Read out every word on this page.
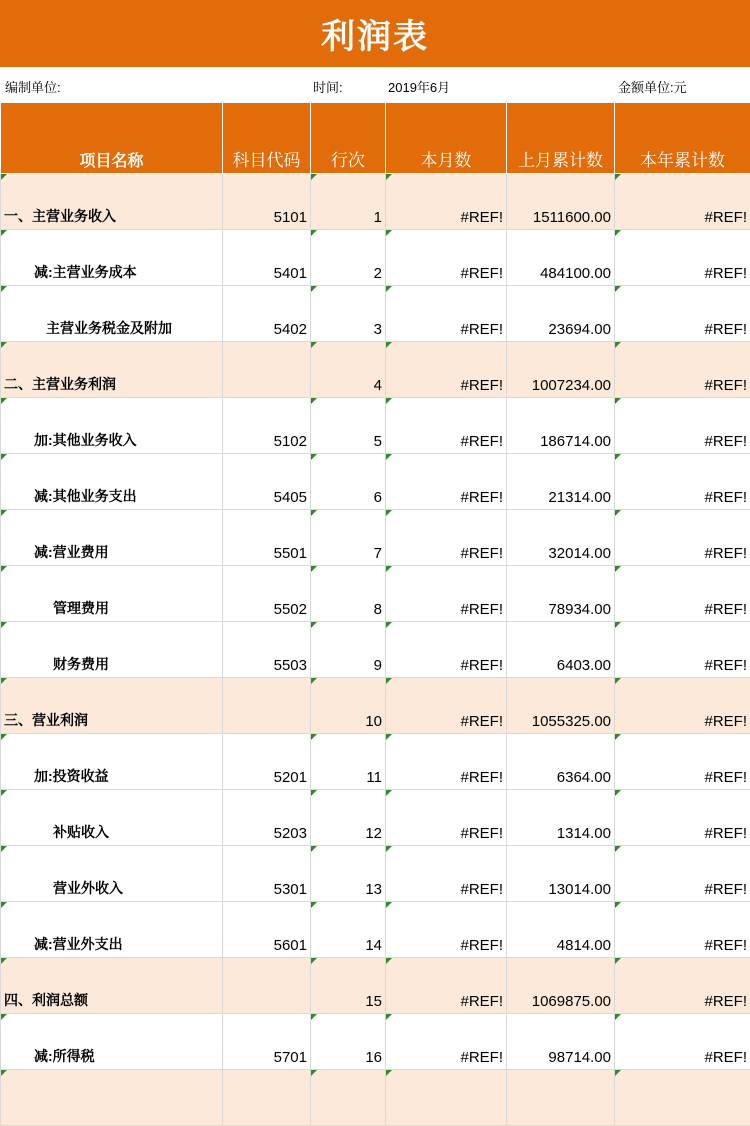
利润表
编制单位:	时间:	2019年6月	金额单位:元
项目名称	科目代码	行次	本月数	上月累计数	本年累计数
一、主营业务收入	5101	1	#REF!	1511600.00	#REF!
减:主营业务成本	5401	2	#REF!	484100.00	#REF!
主营业务税金及附加	5402	3	#REF!	23694.00	#REF!
二、主营业务利润		4	#REF!	1007234.00	#REF!
加:其他业务收入	5102	5	#REF!	186714.00	#REF!
减:其他业务支出	5405	6	#REF!	21314.00	#REF!
减:营业费用	5501	7	#REF!	32014.00	#REF!
管理费用	5502	8	#REF!	78934.00	#REF!
财务费用	5503	9	#REF!	6403.00	#REF!
三、营业利润		10	#REF!	1055325.00	#REF!
加:投资收益	5201	11	#REF!	6364.00	#REF!
补贴收入	5203	12	#REF!	1314.00	#REF!
营业外收入	5301	13	#REF!	13014.00	#REF!
减:营业外支出	5601	14	#REF!	4814.00	#REF!
四、利润总额		15	#REF!	1069875.00	#REF!
减:所得税	5701	16	#REF!	98714.00	#REF!
